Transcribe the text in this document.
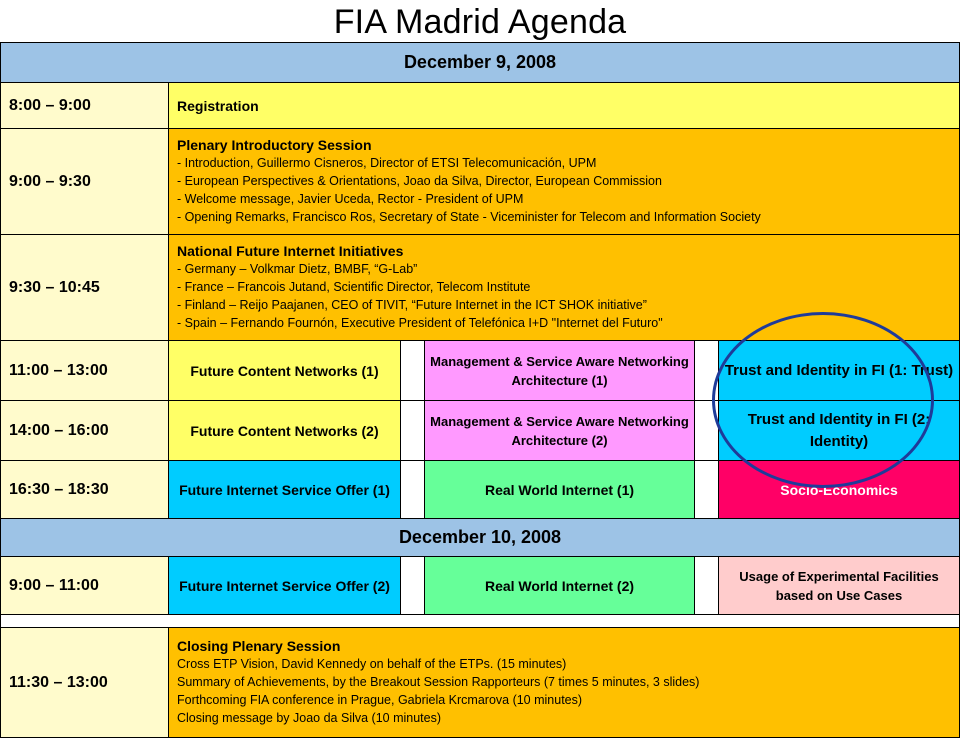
FIA Madrid Agenda
December 9, 2008					
8:00 – 9:00	Registration				
9:00 – 9:30	Plenary Introductory Session
- Introduction, Guillermo Cisneros, Director of ETSI Telecomunicación, UPM
- European Perspectives & Orientations, Joao da Silva, Director, European Commission
- Welcome message, Javier Uceda, Rector - President of UPM
- Opening Remarks, Francisco Ros, Secretary of State - Viceminister for Telecom and Information Society				

9:30 – 10:45	National Future Internet Initiatives
- Germany – Volkmar Dietz, BMBF, “G-Lab”
- France – Francois Jutand, Scientific Director, Telecom Institute
- Finland – Reijo Paajanen, CEO of TIVIT, “Future Internet in the ICT SHOK initiative”
- Spain – Fernando Fournón, Executive President of Telefónica I+D "Internet del Futuro"				

11:00 – 13:00	Future Content Networks (1)		Management & Service Aware Networking Architecture (1)		Trust and Identity in FI (1: Trust)
14:00 – 16:00	Future Content Networks (2)		Management & Service Aware Networking Architecture (2)		Trust and Identity in FI (2: Identity)
16:30 – 18:30	Future Internet Service Offer (1)		Real World Internet (1)		Socio-Economics
December 10, 2008					
9:00 – 11:00	Future Internet Service Offer (2)		Real World Internet (2)		Usage of Experimental Facilities based on Use Cases

11:30 – 13:00	Closing Plenary Session
Cross ETP Vision, David Kennedy on behalf of the ETPs. (15 minutes)
Summary of Achievements, by the Breakout Session Rapporteurs (7 times 5 minutes, 3 slides)
Forthcoming FIA conference in Prague, Gabriela Krcmarova (10 minutes)
Closing message by Joao da Silva (10 minutes)				
